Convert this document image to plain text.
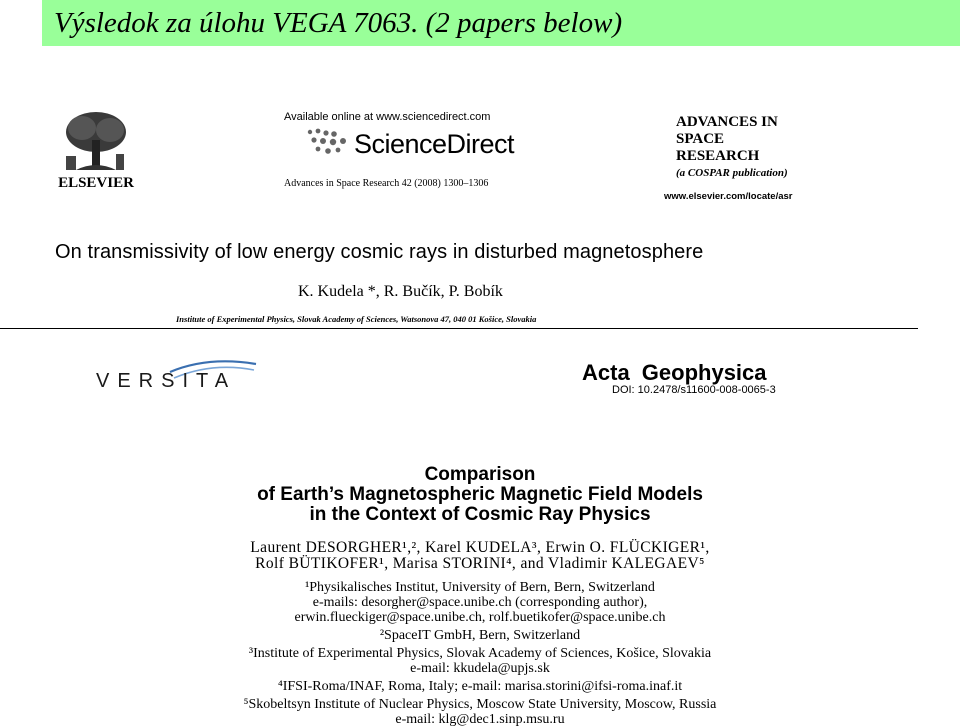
Výsledok za úlohu VEGA 7063. (2 papers below)
ELSEVIER
Available online at www.sciencedirect.com
ScienceDirect
Advances in Space Research 42 (2008) 1300–1306
ADVANCES IN
SPACE
RESEARCH
(a COSPAR publication)
www.elsevier.com/locate/asr
On transmissivity of low energy cosmic rays in disturbed magnetosphere
K. Kudela *, R. Bučík, P. Bobík
Institute of Experimental Physics, Slovak Academy of Sciences, Watsonova 47, 040 01 Košice, Slovakia
VERSITA	Acta Geophysica
DOI: 10.2478/s11600-008-0065-3
Comparison
of Earth’s Magnetospheric Magnetic Field Models
in the Context of Cosmic Ray Physics
Laurent DESORGHER¹,², Karel KUDELA³, Erwin O. FLÜCKIGER¹,
Rolf BÜTIKOFER¹, Marisa STORINI⁴, and Vladimir KALEGAEV⁵
¹Physikalisches Institut, University of Bern, Bern, Switzerland
e-mails: desorgher@space.unibe.ch (corresponding author),
erwin.flueckiger@space.unibe.ch, rolf.buetikofer@space.unibe.ch
²SpaceIT GmbH, Bern, Switzerland
³Institute of Experimental Physics, Slovak Academy of Sciences, Košice, Slovakia
e-mail: kkudela@upjs.sk
⁴IFSI-Roma/INAF, Roma, Italy; e-mail: marisa.storini@ifsi-roma.inaf.it
⁵Skobeltsyn Institute of Nuclear Physics, Moscow State University, Moscow, Russia
e-mail: klg@dec1.sinp.msu.ru
